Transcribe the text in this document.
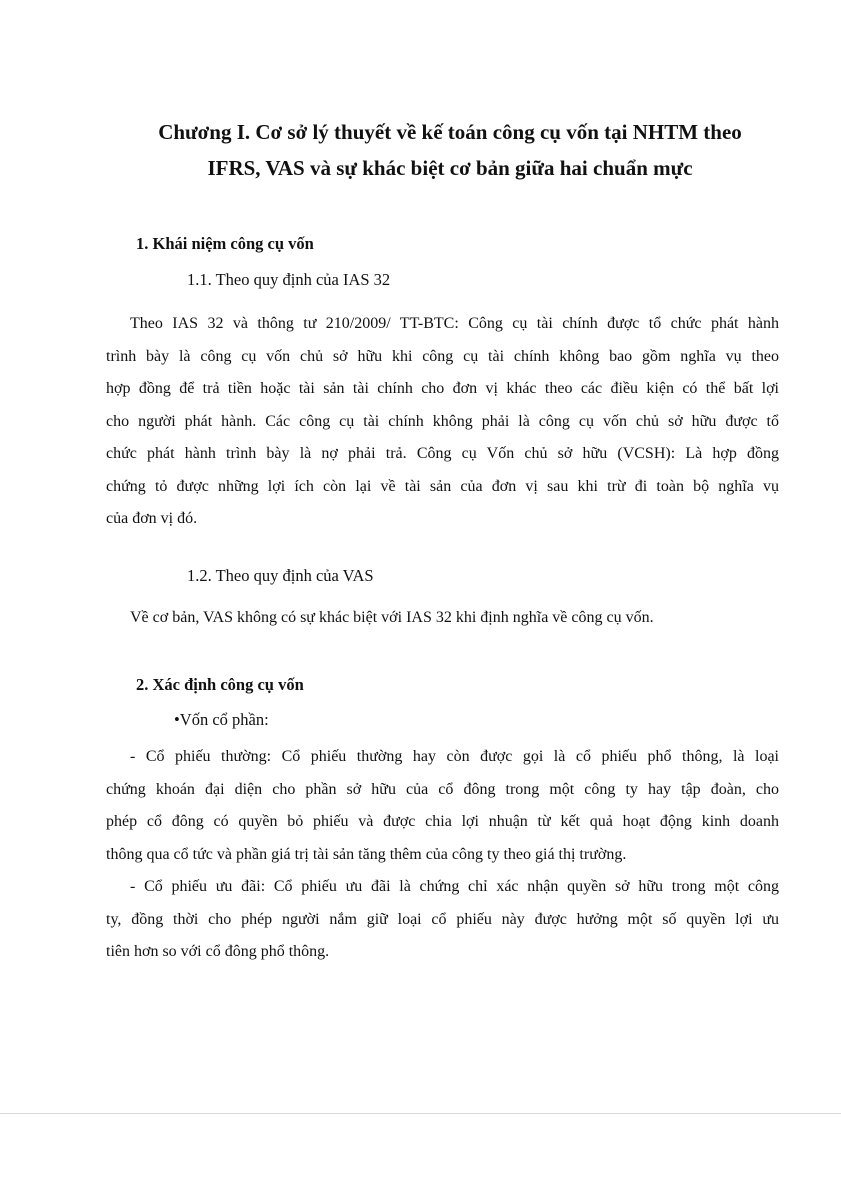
Chương I. Cơ sở lý thuyết về kế toán công cụ vốn tại NHTM theo
IFRS, VAS và sự khác biệt cơ bản giữa hai chuẩn mực
1. Khái niệm công cụ vốn
1.1. Theo quy định của IAS 32
Theo IAS 32 và thông tư 210/2009/ TT-BTC: Công cụ tài chính được tổ chức phát hành
trình bày là công cụ vốn chủ sở hữu khi công cụ tài chính không bao gồm nghĩa vụ theo
hợp đồng để trả tiền hoặc tài sản tài chính cho đơn vị khác theo các điều kiện có thể bất lợi
cho người phát hành. Các công cụ tài chính không phải là công cụ vốn chủ sở hữu được tổ
chức phát hành trình bày là nợ phải trả. Công cụ Vốn chủ sở hữu (VCSH): Là hợp đồng
chứng tỏ được những lợi ích còn lại về tài sản của đơn vị sau khi trừ đi toàn bộ nghĩa vụ
của đơn vị đó.
1.2. Theo quy định của VAS
Về cơ bản, VAS không có sự khác biệt với IAS 32 khi định nghĩa về công cụ vốn.
2. Xác định công cụ vốn
•Vốn cổ phần:
- Cổ phiếu thường: Cổ phiếu thường hay còn được gọi là cổ phiếu phổ thông, là loại
chứng khoán đại diện cho phần sở hữu của cổ đông trong một công ty hay tập đoàn, cho
phép cổ đông có quyền bỏ phiếu và được chia lợi nhuận từ kết quả hoạt động kinh doanh
thông qua cổ tức và phần giá trị tài sản tăng thêm của công ty theo giá thị trường.
- Cổ phiếu ưu đãi: Cổ phiếu ưu đãi là chứng chỉ xác nhận quyền sở hữu trong một công
ty, đồng thời cho phép người nắm giữ loại cổ phiếu này được hưởng một số quyền lợi ưu
tiên hơn so với cổ đông phổ thông.
